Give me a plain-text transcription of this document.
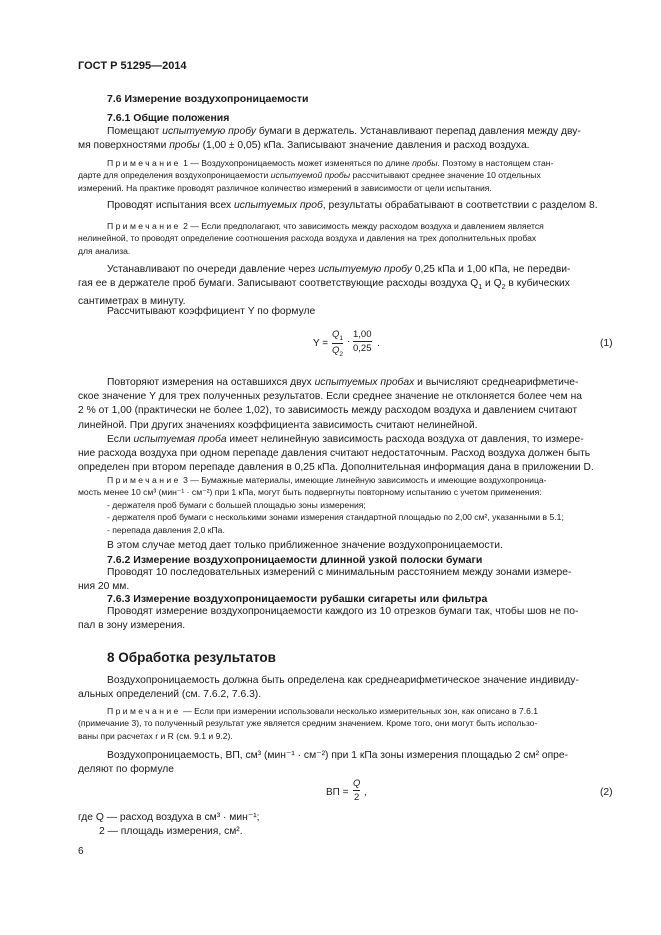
ГОСТ Р 51295—2014
7.6 Измерение воздухопроницаемости
7.6.1 Общие положения
Помещают испытуемую пробу бумаги в держатель. Устанавливают перепад давления между дву-
мя поверхностями пробы (1,00 ± 0,05) кПа. Записывают значение давления и расход воздуха.
Примечание 1 — Воздухопроницаемость может изменяться по длине пробы. Поэтому в настоящем стан-
дарте для определения воздухопроницаемости испытуемой пробы рассчитывают среднее значение 10 отдельных
измерений. На практике проводят различное количество измерений в зависимости от цели испытания.
Проводят испытания всех испытуемых проб, результаты обрабатывают в соответствии с разделом 8.
Примечание 2 — Если предполагают, что зависимость между расходом воздуха и давлением является
нелинейной, то проводят определение соотношения расхода воздуха и давления на трех дополнительных пробах
для анализа.
Устанавливают по очереди давление через испытуемую пробу 0,25 кПа и 1,00 кПа, не передви-
гая ее в держателе проб бумаги. Записывают соответствующие расходы воздуха $Q_1$ и $Q_2$ в кубических
сантиметрах в минуту.
Рассчитывают коэффициент Y по формуле
Y =
$Q_1$
$Q_2$
·
1,00
0,25 .	(1)
Повторяют измерения на оставшихся двух испытуемых пробах и вычисляют среднеарифметиче-
ское значение Y для трех полученных результатов. Если среднее значение не отклоняется более чем на
2 % от 1,00 (практически не более 1,02), то зависимость между расходом воздуха и давлением считают
линейной. При других значениях коэффициента зависимость считают нелинейной.
Если испытуемая проба имеет нелинейную зависимость расхода воздуха от давления, то измере-
ние расхода воздуха при одном перепаде давления считают недостаточным. Расход воздуха должен быть
определен при втором перепаде давления в 0,25 кПа. Дополнительная информация дана в приложении D.
Примечание 3 — Бумажные материалы, имеющие линейную зависимость и имеющие воздухопроница-
мость менее 10 см³ (мин⁻¹ · см⁻²) при 1 кПа, могут быть подвергнуты повторному испытанию с учетом применения:
- держателя проб бумаги с большей площадью зоны измерения;
- держателя проб бумаги с несколькими зонами измерения стандартной площадью по 2,00 см², указанными в 5.1;
- перепада давления 2,0 кПа.
В этом случае метод дает только приближенное значение воздухопроницаемости.
7.6.2 Измерение воздухопроницаемости длинной узкой полоски бумаги
Проводят 10 последовательных измерений с минимальным расстоянием между зонами измере-
ния 20 мм.
7.6.3 Измерение воздухопроницаемости рубашки сигареты или фильтра
Проводят измерение воздухопроницаемости каждого из 10 отрезков бумаги так, чтобы шов не по-
пал в зону измерения.
8 Обработка результатов
Воздухопроницаемость должна быть определена как среднеарифметическое значение индивиду-
альных определений (см. 7.6.2, 7.6.3).
Примечание — Если при измерении использовали несколько измерительных зон, как описано в 7.6.1
(примечание 3), то полученный результат уже является средним значением. Кроме того, они могут быть использо-
ваны при расчетах r и R (см. 9.1 и 9.2).
Воздухопроницаемость, ВП, см³ (мин⁻¹ · см⁻²) при 1 кПа зоны измерения площадью 2 см² опре-
деляют по формуле
ВП =
Q
2 ,	(2)
где Q — расход воздуха в см³ · мин⁻¹;
2 — площадь измерения, см².
6
